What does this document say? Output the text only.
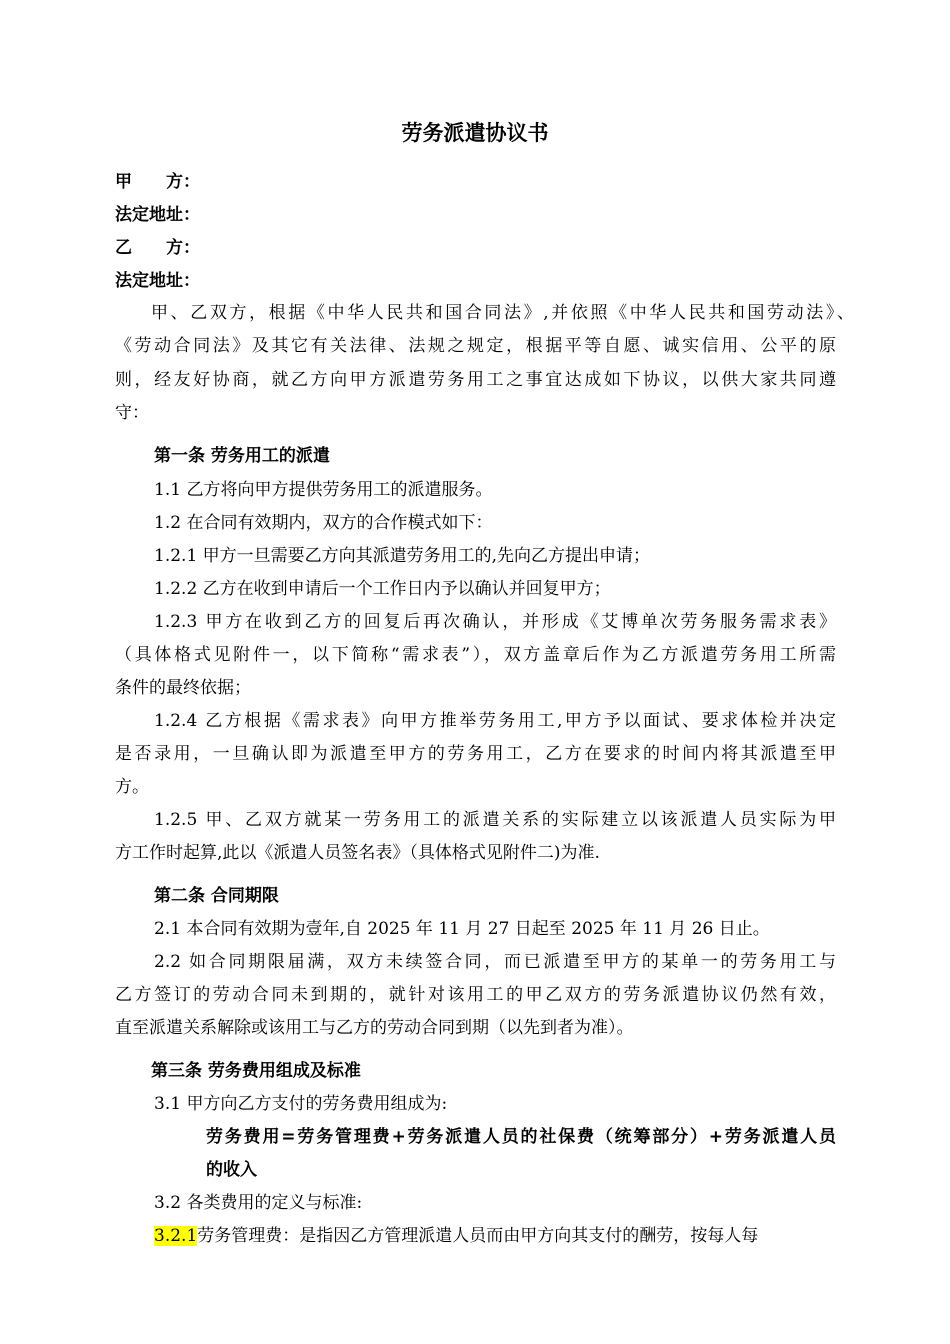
劳务派遣协议书
甲　　方：
法定地址：
乙　　方：
法定地址：
甲、乙双方，根据《中华人民共和国合同法》,并依照《中华人民共和国劳动法》、
《劳动合同法》及其它有关法律、法规之规定，根据平等自愿、诚实信用、公平的原
则，经友好协商，就乙方向甲方派遣劳务用工之事宜达成如下协议，以供大家共同遵
守：
第一条 劳务用工的派遣
1.1 乙方将向甲方提供劳务用工的派遣服务。
1.2 在合同有效期内，双方的合作模式如下：
1.2.1 甲方一旦需要乙方向其派遣劳务用工的,先向乙方提出申请；
1.2.2 乙方在收到申请后一个工作日内予以确认并回复甲方；
1.2.3 甲方在收到乙方的回复后再次确认，并形成《艾博单次劳务服务需求表》
（具体格式见附件一，以下简称“需求表”），双方盖章后作为乙方派遣劳务用工所需
条件的最终依据；
1.2.4 乙方根据《需求表》向甲方推举劳务用工,甲方予以面试、要求体检并决定
是否录用，一旦确认即为派遣至甲方的劳务用工，乙方在要求的时间内将其派遣至甲
方。
1.2.5 甲、乙双方就某一劳务用工的派遣关系的实际建立以该派遣人员实际为甲
方工作时起算,此以《派遣人员签名表》（具体格式见附件二)为准.
第二条 合同期限
2.1 本合同有效期为壹年,自 2025 年 11 月 27 日起至 2025 年 11 月 26 日止。
2.2 如合同期限届满，双方未续签合同，而已派遣至甲方的某单一的劳务用工与
乙方签订的劳动合同未到期的，就针对该用工的甲乙双方的劳务派遣协议仍然有效，
直至派遣关系解除或该用工与乙方的劳动合同到期（以先到者为准）。
第三条 劳务费用组成及标准
3.1 甲方向乙方支付的劳务费用组成为:
劳务费用=劳务管理费+劳务派遣人员的社保费（统筹部分）+劳务派遣人员
的收入
3.2 各类费用的定义与标准:
3.2.1劳务管理费：是指因乙方管理派遣人员而由甲方向其支付的酬劳，按每人每
